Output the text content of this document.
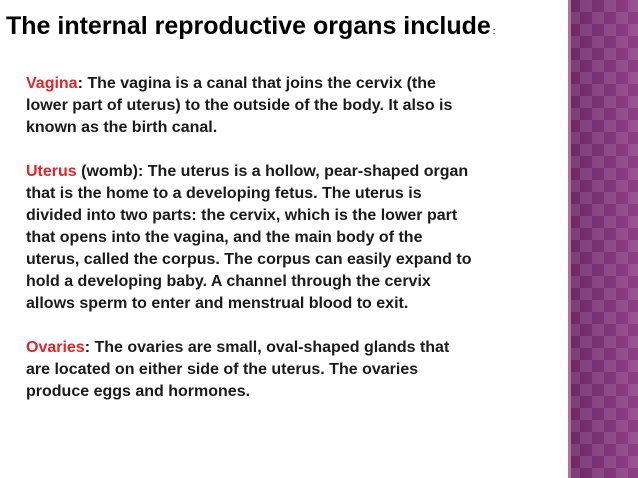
The internal reproductive organs include :
Vagina: The vagina is a canal that joins the cervix (the
lower part of uterus) to the outside of the body. It also is
known as the birth canal.
Uterus (womb): The uterus is a hollow, pear-shaped organ
that is the home to a developing fetus. The uterus is
divided into two parts: the cervix, which is the lower part
that opens into the vagina, and the main body of the
uterus, called the corpus. The corpus can easily expand to
hold a developing baby. A channel through the cervix
allows sperm to enter and menstrual blood to exit.
Ovaries: The ovaries are small, oval-shaped glands that
are located on either side of the uterus. The ovaries
produce eggs and hormones.
